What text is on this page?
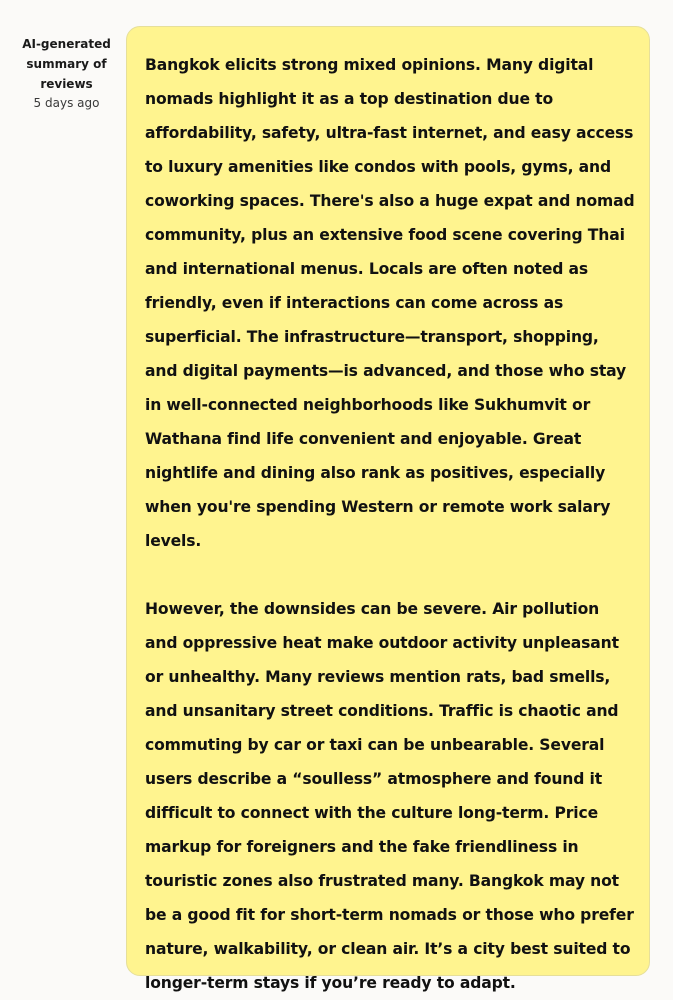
AI-generated summary of reviews
5 days ago

Bangkok elicits strong mixed opinions. Many digital nomads highlight it as a top destination due to affordability, safety, ultra-fast internet, and easy access to luxury amenities like condos with pools, gyms, and coworking spaces. There's also a huge expat and nomad community, plus an extensive food scene covering Thai and international menus. Locals are often noted as friendly, even if interactions can come across as superficial. The infrastructure—transport, shopping, and digital payments—is advanced, and those who stay in well-connected neighborhoods like Sukhumvit or Wathana find life convenient and enjoyable. Great nightlife and dining also rank as positives, especially when you're spending Western or remote work salary levels.

However, the downsides can be severe. Air pollution and oppressive heat make outdoor activity unpleasant or unhealthy. Many reviews mention rats, bad smells, and unsanitary street conditions. Traffic is chaotic and commuting by car or taxi can be unbearable. Several users describe a “soulless” atmosphere and found it difficult to connect with the culture long-term. Price markup for foreigners and the fake friendliness in touristic zones also frustrated many. Bangkok may not be a good fit for short-term nomads or those who prefer nature, walkability, or clean air. It’s a city best suited to longer-term stays if you’re ready to adapt.
